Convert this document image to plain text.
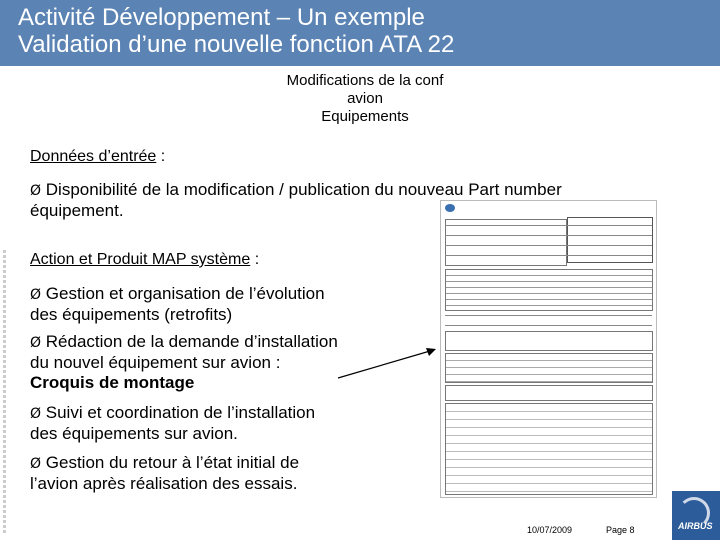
Activité Développement – Un exemple
Validation d’une nouvelle fonction ATA 22
Modifications de la conf
avion
Equipements
Données d’entrée :
Ø Disponibilité de la modification / publication du nouveau Part number
équipement.
Action et Produit MAP système :
Ø Gestion et organisation de l’évolution
des équipements (retrofits)
Ø Rédaction de la demande d’installation
du nouvel équipement sur avion :
Croquis de montage
Ø Suivi et coordination de l’installation
des équipements sur avion.
Ø Gestion du retour à l’état initial de
l’avion après réalisation des essais.
10/07/2009	Page 8	AIRBUS
